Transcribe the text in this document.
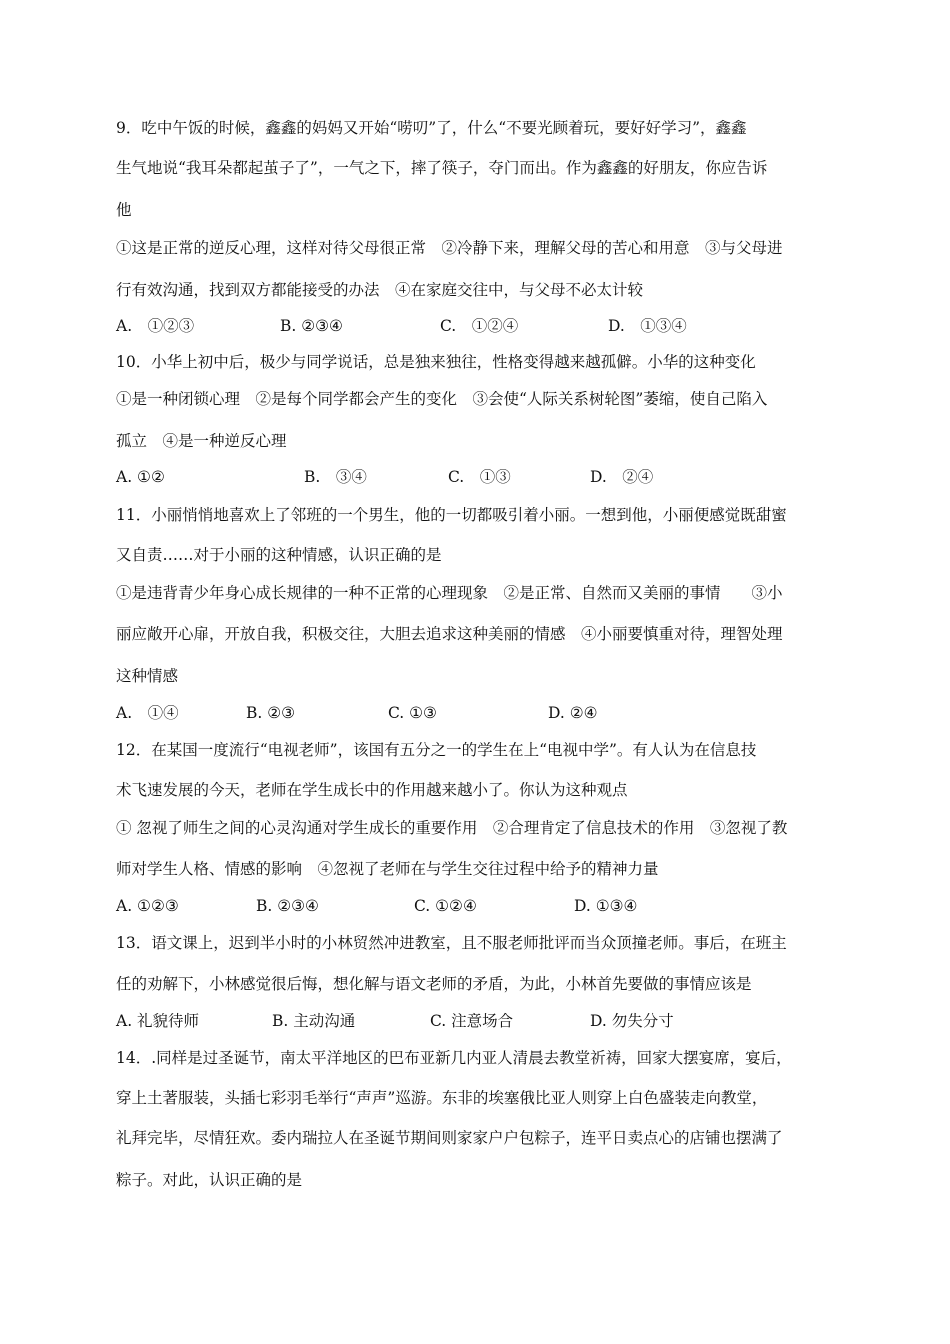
9．吃中午饭的时候，鑫鑫的妈妈又开始“唠叨”了，什么“不要光顾着玩，要好好学习”，鑫鑫
生气地说“我耳朵都起茧子了”，一气之下，摔了筷子，夺门而出。作为鑫鑫的好朋友，你应告诉
他
①这是正常的逆反心理，这样对待父母很正常　②冷静下来，理解父母的苦心和用意　③与父母进
行有效沟通，找到双方都能接受的办法　④在家庭交往中，与父母不必太计较
A.　①②③	B. ②③④	C.　①②④	D.　①③④
10．小华上初中后，极少与同学说话，总是独来独往，性格变得越来越孤僻。小华的这种变化
①是一种闭锁心理　②是每个同学都会产生的变化　③会使“人际关系树轮图”萎缩，使自己陷入
孤立　④是一种逆反心理
A. ①②	B.　③④	C.　①③	D.　②④
11．小丽悄悄地喜欢上了邻班的一个男生，他的一切都吸引着小丽。一想到他，小丽便感觉既甜蜜
又自责……对于小丽的这种情感，认识正确的是
①是违背青少年身心成长规律的一种不正常的心理现象　②是正常、自然而又美丽的事情　　③小
丽应敞开心扉，开放自我，积极交往，大胆去追求这种美丽的情感　④小丽要慎重对待，理智处理
这种情感
A.　①④	B. ②③	C. ①③	D. ②④
12．在某国一度流行“电视老师”，该国有五分之一的学生在上“电视中学”。有人认为在信息技
术飞速发展的今天，老师在学生成长中的作用越来越小了。你认为这种观点
① 忽视了师生之间的心灵沟通对学生成长的重要作用　②合理肯定了信息技术的作用　③忽视了教
师对学生人格、情感的影响　④忽视了老师在与学生交往过程中给予的精神力量
A. ①②③	B. ②③④	C. ①②④	D. ①③④
13．语文课上，迟到半小时的小林贸然冲进教室，且不服老师批评而当众顶撞老师。事后，在班主
任的劝解下，小林感觉很后悔，想化解与语文老师的矛盾，为此，小林首先要做的事情应该是
A. 礼貌待师	B. 主动沟通	C. 注意场合	D. 勿失分寸
14．.同样是过圣诞节，南太平洋地区的巴布亚新几内亚人清晨去教堂祈祷，回家大摆宴席，宴后，
穿上土著服装，头插七彩羽毛举行“声声”巡游。东非的埃塞俄比亚人则穿上白色盛装走向教堂，
礼拜完毕，尽情狂欢。委内瑞拉人在圣诞节期间则家家户户包粽子，连平日卖点心的店铺也摆满了
粽子。对此，认识正确的是
